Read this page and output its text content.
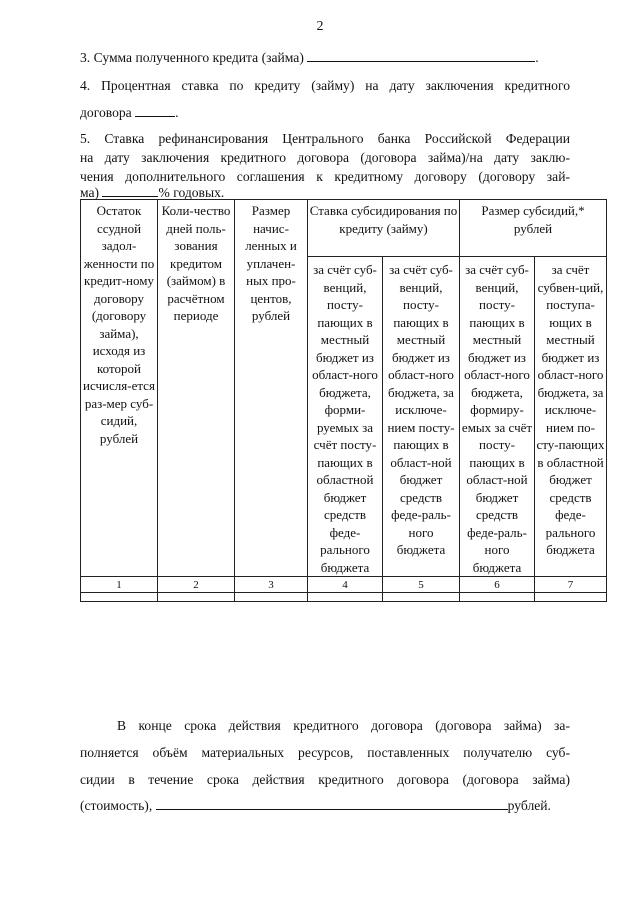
2
3. Сумма полученного кредита (займа)	.
4. Процентная ставка по кредиту (займу) на дату заключения кредитного
договора	.
5. Ставка рефинансирования Центрального банка Российской Федерации
на дату заключения кредитного договора (договора займа)/на дату заклю-
чения дополнительного соглашения к кредитному договору (договору зай-
ма)	% годовых.
Остаток ссудной задол-женности по кредит-ному договору (договору займа), исходя из которой исчисля-ется раз-мер суб-сидий, рублей	Коли-чество дней поль-зования кредитом (займом) в расчётном периоде	Размер начис-ленных и уплачен-ных про-центов, рублей	Ставка субсидирования по кредиту (займу)		Размер субсидий,* рублей	
			за счёт суб-венций, посту-пающих в местный бюджет из област-ного бюджета, форми-руемых за счёт посту-пающих в областной бюджет средств феде-рального бюджета	за счёт суб-венций, посту-пающих в местный бюджет из област-ного бюджета, за исключе-нием посту-пающих в област-ной бюджет средств феде-раль-ного бюджета	за счёт суб-венций, посту-пающих в местный бюджет из област-ного бюджета, формиру-емых за счёт посту-пающих в област-ной бюджет средств феде-раль-ного бюджета	за счёт субвен-ций, поступа-ющих в местный бюджет из област-ного бюджета, за исключе-нием по-сту-пающих в областной бюджет средств феде-рального бюджета
1	2	3	4	5	6	7

В конце срока действия кредитного договора (договора займа) за-
полняется объём материальных ресурсов, поставленных получателю суб-
сидии в течение срока действия кредитного договора (договора займа)
(стоимость),	рублей.
